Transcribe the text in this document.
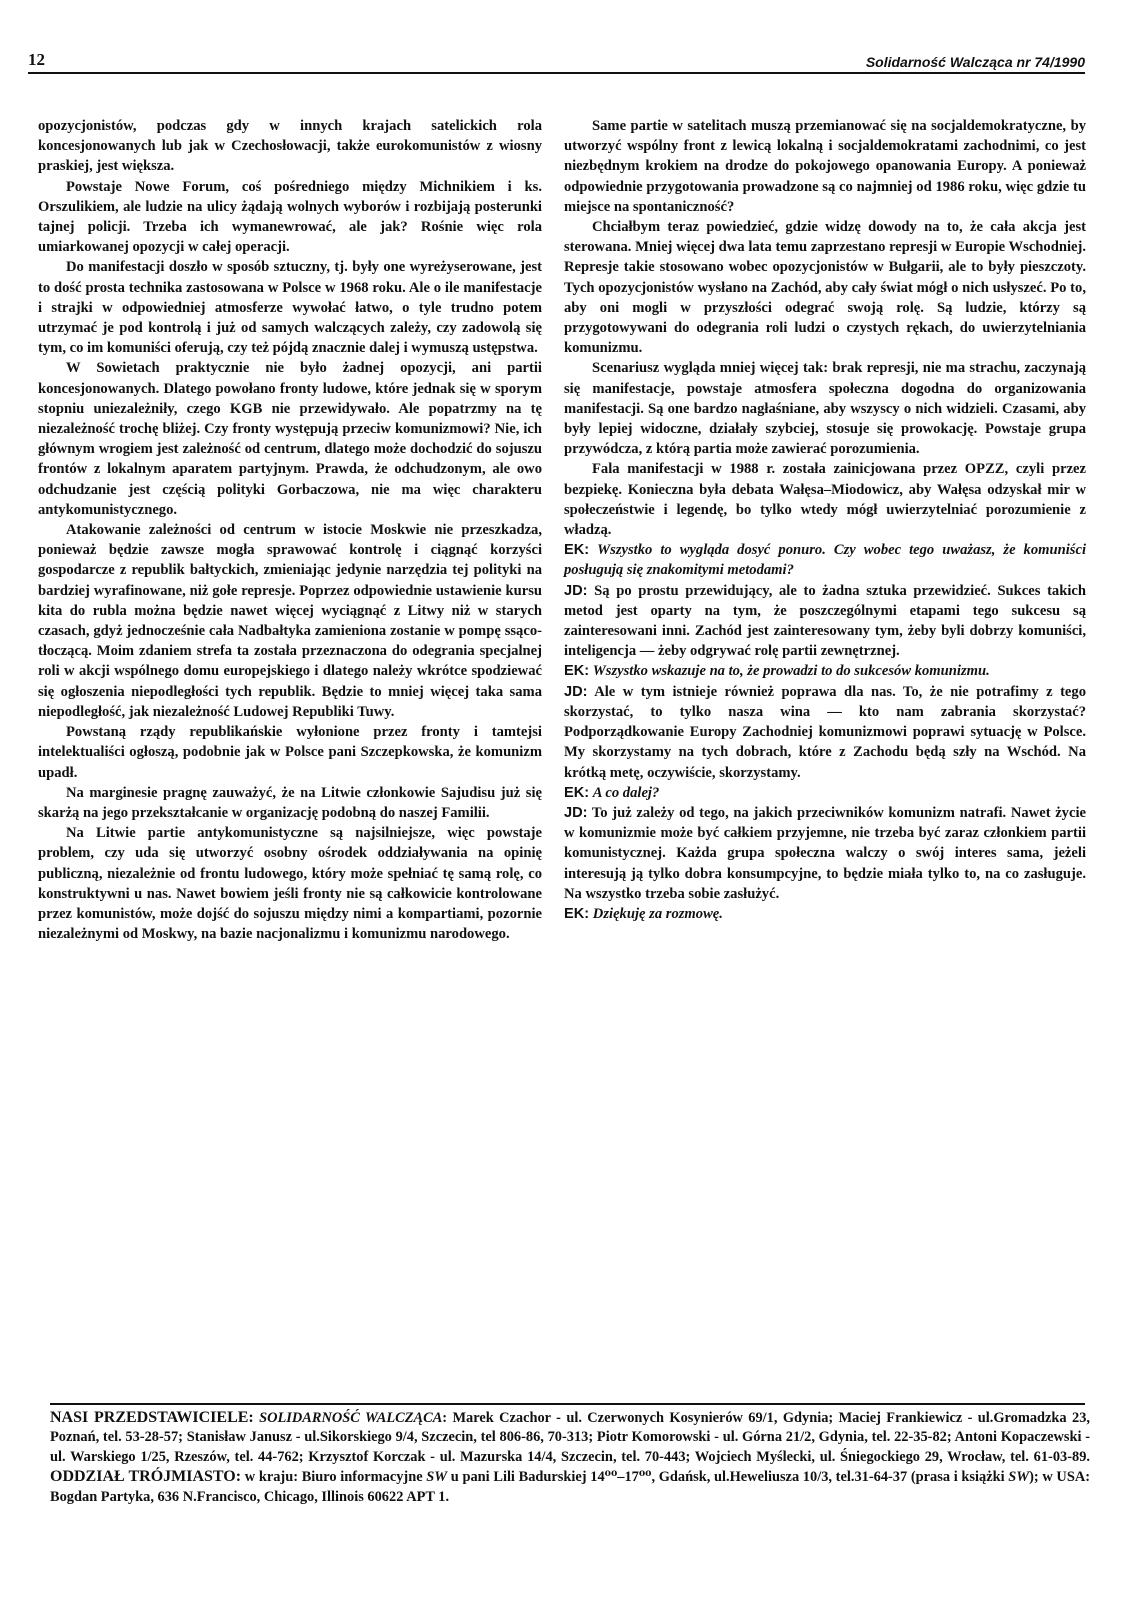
12	Solidarność Walcząca nr 74/1990

opozycjonistów, podczas gdy w innych krajach satelickich rola koncesjonowanych lub jak w Czechosłowacji, także eurokomunistów z wiosny praskiej, jest większa.

Powstaje Nowe Forum, coś pośredniego między Michnikiem i ks. Orszulikiem, ale ludzie na ulicy żądają wolnych wyborów i rozbijają posterunki tajnej policji. Trzeba ich wymanewrować, ale jak? Rośnie więc rola umiarkowanej opozycji w całej operacji.

Do manifestacji doszło w sposób sztuczny, tj. były one wyreżyserowane, jest to dość prosta technika zastosowana w Polsce w 1968 roku. Ale o ile manifestacje i strajki w odpowiedniej atmosferze wywołać łatwo, o tyle trudno potem utrzymać je pod kontrolą i już od samych walczących zależy, czy zadowolą się tym, co im komuniści oferują, czy też pójdą znacznie dalej i wymuszą ustępstwa.

W Sowietach praktycznie nie było żadnej opozycji, ani partii koncesjonowanych. Dlatego powołano fronty ludowe, które jednak się w sporym stopniu uniezależniły, czego KGB nie przewidywało. Ale popatrzmy na tę niezależność trochę bliżej. Czy fronty występują przeciw komunizmowi? Nie, ich głównym wrogiem jest zależność od centrum, dlatego może dochodzić do sojuszu frontów z lokalnym aparatem partyjnym. Prawda, że odchudzonym, ale owo odchudzanie jest częścią polityki Gorbaczowa, nie ma więc charakteru antykomunistycznego.

Atakowanie zależności od centrum w istocie Moskwie nie przeszkadza, ponieważ będzie zawsze mogła sprawować kontrolę i ciągnąć korzyści gospodarcze z republik bałtyckich, zmieniając jedynie narzędzia tej polityki na bardziej wyrafinowane, niż gołe represje. Poprzez odpowiednie ustawienie kursu kita do rubla można będzie nawet więcej wyciągnąć z Litwy niż w starych czasach, gdyż jednocześnie cała Nadbałtyka zamieniona zostanie w pompę ssąco-tłoczącą. Moim zdaniem strefa ta została przeznaczona do odegrania specjalnej roli w akcji wspólnego domu europejskiego i dlatego należy wkrótce spodziewać się ogłoszenia niepodległości tych republik. Będzie to mniej więcej taka sama niepodległość, jak niezależność Ludowej Republiki Tuwy.

Powstaną rządy republikańskie wyłonione przez fronty i tamtejsi intelektualiści ogłoszą, podobnie jak w Polsce pani Szczepkowska, że komunizm upadł.

Na marginesie pragnę zauważyć, że na Litwie członkowie Sajudisu już się skarżą na jego przekształcanie w organizację podobną do naszej Familii.

Na Litwie partie antykomunistyczne są najsilniejsze, więc powstaje problem, czy uda się utworzyć osobny ośrodek oddziaływania na opinię publiczną, niezależnie od frontu ludowego, który może spełniać tę samą rolę, co konstruktywni u nas. Nawet bowiem jeśli fronty nie są całkowicie kontrolowane przez komunistów, może dojść do sojuszu między nimi a kompartiami, pozornie niezależnymi od Moskwy, na bazie nacjonalizmu i komunizmu narodowego.

Same partie w satelitach muszą przemianować się na socjaldemokratyczne, by utworzyć wspólny front z lewicą lokalną i socjaldemokratami zachodnimi, co jest niezbędnym krokiem na drodze do pokojowego opanowania Europy. A ponieważ odpowiednie przygotowania prowadzone są co najmniej od 1986 roku, więc gdzie tu miejsce na spontaniczność?

Chciałbym teraz powiedzieć, gdzie widzę dowody na to, że cała akcja jest sterowana. Mniej więcej dwa lata temu zaprzestano represji w Europie Wschodniej. Represje takie stosowano wobec opozycjonistów w Bułgarii, ale to były pieszczoty. Tych opozycjonistów wysłano na Zachód, aby cały świat mógł o nich usłyszeć. Po to, aby oni mogli w przyszłości odegrać swoją rolę. Są ludzie, którzy są przygotowywani do odegrania roli ludzi o czystych rękach, do uwierzytelniania komunizmu.

Scenariusz wygląda mniej więcej tak: brak represji, nie ma strachu, zaczynają się manifestacje, powstaje atmosfera społeczna dogodna do organizowania manifestacji. Są one bardzo nagłaśniane, aby wszyscy o nich widzieli. Czasami, aby były lepiej widoczne, działały szybciej, stosuje się prowokację. Powstaje grupa przywódcza, z którą partia może zawierać porozumienia.

Fala manifestacji w 1988 r. została zainicjowana przez OPZZ, czyli przez bezpiekę. Konieczna była debata Wałęsa–Miodowicz, aby Wałęsa odzyskał mir w społeczeństwie i legendę, bo tylko wtedy mógł uwierzytelniać porozumienie z władzą.

EK: Wszystko to wygląda dosyć ponuro. Czy wobec tego uważasz, że komuniści posługują się znakomitymi metodami?

JD: Są po prostu przewidujący, ale to żadna sztuka przewidzieć. Sukces takich metod jest oparty na tym, że poszczególnymi etapami tego sukcesu są zainteresowani inni. Zachód jest zainteresowany tym, żeby byli dobrzy komuniści, inteligencja — żeby odgrywać rolę partii zewnętrznej.

EK: Wszystko wskazuje na to, że prowadzi to do sukcesów komunizmu.

JD: Ale w tym istnieje również poprawa dla nas. To, że nie potrafimy z tego skorzystać, to tylko nasza wina — kto nam zabrania skorzystać? Podporządkowanie Europy Zachodniej komunizmowi poprawi sytuację w Polsce. My skorzystamy na tych dobrach, które z Zachodu będą szły na Wschód. Na krótką metę, oczywiście, skorzystamy.

EK: A co dalej?

JD: To już zależy od tego, na jakich przeciwników komunizm natrafi. Nawet życie w komunizmie może być całkiem przyjemne, nie trzeba być zaraz członkiem partii komunistycznej. Każda grupa społeczna walczy o swój interes sama, jeżeli interesują ją tylko dobra konsumpcyjne, to będzie miała tylko to, na co zasługuje. Na wszystko trzeba sobie zasłużyć.

EK: Dziękuję za rozmowę.

NASI PRZEDSTAWICIELE: SOLIDARNOŚĆ WALCZĄCA: Marek Czachor - ul. Czerwonych Kosynierów 69/1, Gdynia; Maciej Frankiewicz - ul.Gromadzka 23, Poznań, tel. 53-28-57; Stanisław Janusz - ul.Sikorskiego 9/4, Szczecin, tel 806-86, 70-313; Piotr Komorowski - ul. Górna 21/2, Gdynia, tel. 22-35-82; Antoni Kopaczewski - ul. Warskiego 1/25, Rzeszów, tel. 44-762; Krzysztof Korczak - ul. Mazurska 14/4, Szczecin, tel. 70-443; Wojciech Myślecki, ul. Śniegockiego 29, Wrocław, tel. 61-03-89. ODDZIAŁ TRÓJMIASTO: w kraju: Biuro informacyjne SW u pani Lili Badurskiej 14⁰⁰–17⁰⁰, Gdańsk, ul.Heweliusza 10/3, tel.31-64-37 (prasa i książki SW); w USA: Bogdan Partyka, 636 N.Francisco, Chicago, Illinois 60622 APT 1.
